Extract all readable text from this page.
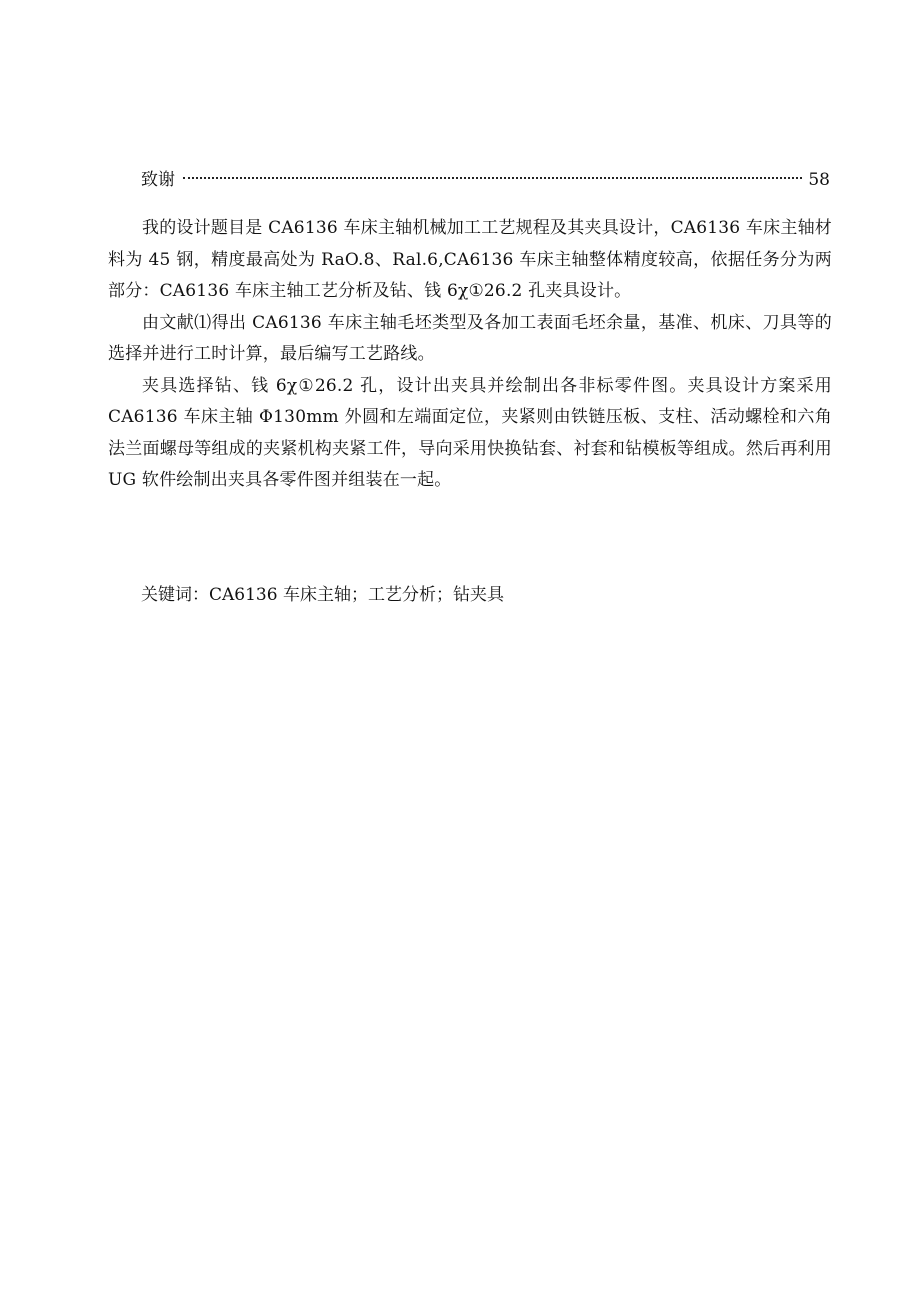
致谢	58

我的设计题目是 CA6136 车床主轴机械加工工艺规程及其夹具设计，CA6136 车床主轴材料为 45 钢，精度最高处为 RaO.8、Ral.6,CA6136 车床主轴整体精度较高，依据任务分为两部分：CA6136 车床主轴工艺分析及钻、钱 6χ①26.2 孔夹具设计。

由文献⑴得出 CA6136 车床主轴毛坯类型及各加工表面毛坯余量，基准、机床、刀具等的选择并进行工时计算，最后编写工艺路线。

夹具选择钻、钱 6χ①26.2 孔，设计出夹具并绘制出各非标零件图。夹具设计方案采用 CA6136 车床主轴 Φ130mm 外圆和左端面定位，夹紧则由铁链压板、支柱、活动螺栓和六角法兰面螺母等组成的夹紧机构夹紧工件，导向采用快换钻套、衬套和钻模板等组成。然后再利用 UG 软件绘制出夹具各零件图并组装在一起。

关键词：CA6136 车床主轴；工艺分析；钻夹具
